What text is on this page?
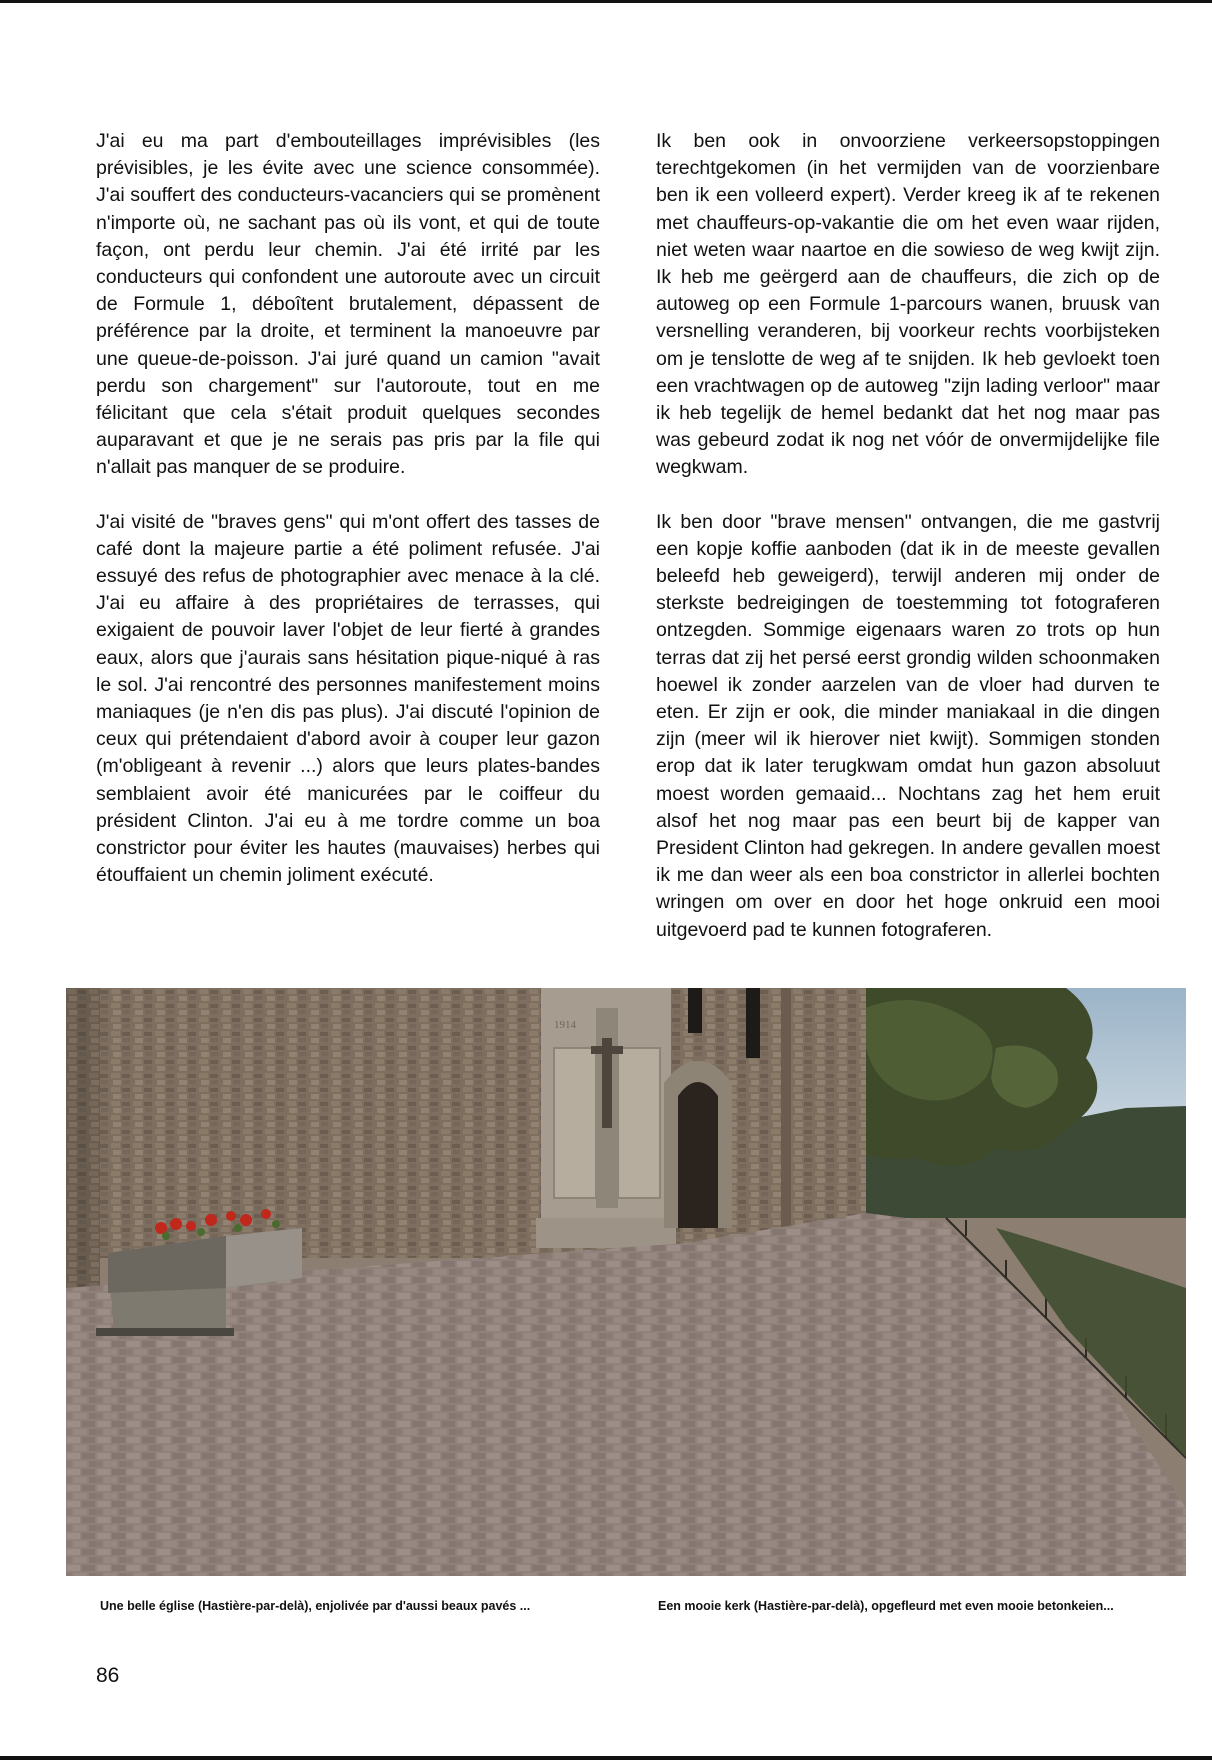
J'ai eu ma part d'embouteillages imprévisibles (les prévisibles, je les évite avec une science consommée). J'ai souffert des conducteurs-vacanciers qui se promènent n'importe où, ne sachant pas où ils vont, et qui de toute façon, ont perdu leur chemin. J'ai été irrité par les conducteurs qui confondent une autoroute avec un circuit de Formule 1, déboîtent brutalement, dépassent de préférence par la droite, et terminent la manoeuvre par une queue-de-poisson. J'ai juré quand un camion "avait perdu son chargement" sur l'autoroute, tout en me félicitant que cela s'était produit quelques secondes auparavant et que je ne serais pas pris par la file qui n'allait pas manquer de se produire.

J'ai visité de "braves gens" qui m'ont offert des tasses de café dont la majeure partie a été poliment refusée. J'ai essuyé des refus de photographier avec menace à la clé. J'ai eu affaire à des propriétaires de terrasses, qui exigaient de pouvoir laver l'objet de leur fierté à grandes eaux, alors que j'aurais sans hésitation pique-niqué à ras le sol. J'ai rencontré des personnes manifestement moins maniaques (je n'en dis pas plus). J'ai discuté l'opinion de ceux qui prétendaient d'abord avoir à couper leur gazon (m'obligeant à revenir ...) alors que leurs plates-bandes semblaient avoir été manicurées par le coiffeur du président Clinton. J'ai eu à me tordre comme un boa constrictor pour éviter les hautes (mauvaises) herbes qui étouffaient un chemin joliment exécuté.

Ik ben ook in onvoorziene verkeersopstoppingen terechtgekomen (in het vermijden van de voorzienbare ben ik een volleerd expert). Verder kreeg ik af te rekenen met chauffeurs-op-vakantie die om het even waar rijden, niet weten waar naartoe en die sowieso de weg kwijt zijn. Ik heb me geërgerd aan de chauffeurs, die zich op de autoweg op een Formule 1-parcours wanen, bruusk van versnelling veranderen, bij voorkeur rechts voorbijsteken om je tenslotte de weg af te snijden. Ik heb gevloekt toen een vrachtwagen op de autoweg "zijn lading verloor" maar ik heb tegelijk de hemel bedankt dat het nog maar pas was gebeurd zodat ik nog net vóór de onvermijdelijke file wegkwam.

Ik ben door "brave mensen" ontvangen, die me gastvrij een kopje koffie aanboden (dat ik in de meeste gevallen beleefd heb geweigerd), terwijl anderen mij onder de sterkste bedreigingen de toestemming tot fotograferen ontzegden. Sommige eigenaars waren zo trots op hun terras dat zij het persé eerst grondig wilden schoonmaken hoewel ik zonder aarzelen van de vloer had durven te eten. Er zijn er ook, die minder maniakaal in die dingen zijn (meer wil ik hierover niet kwijt). Sommigen stonden erop dat ik later terugkwam omdat hun gazon absoluut moest worden gemaaid... Nochtans zag het hem eruit alsof het nog maar pas een beurt bij de kapper van President Clinton had gekregen. In andere gevallen moest ik me dan weer als een boa constrictor in allerlei bochten wringen om over en door het hoge onkruid een mooi uitgevoerd pad te kunnen fotograferen.

1914
Une belle église (Hastière-par-delà), enjolivée par d'aussi beaux pavés ...	Een mooie kerk (Hastière-par-delà), opgefleurd met even mooie betonkeien...
86
